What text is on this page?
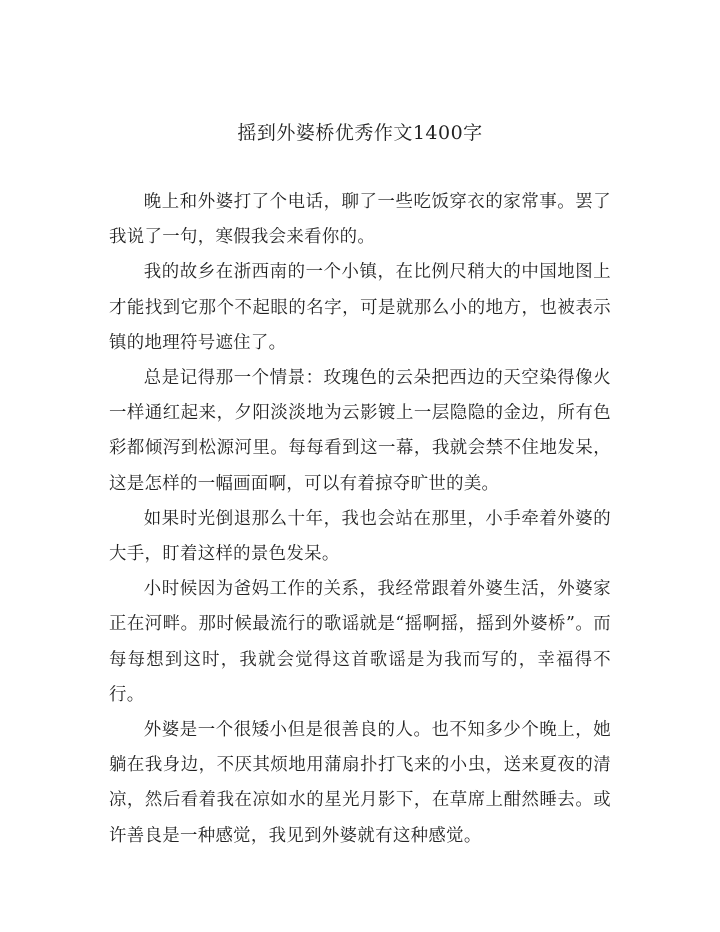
摇到外婆桥优秀作文1400字

晚上和外婆打了个电话，聊了一些吃饭穿衣的家常事。罢了我说了一句，寒假我会来看你的。

我的故乡在浙西南的一个小镇，在比例尺稍大的中国地图上才能找到它那个不起眼的名字，可是就那么小的地方，也被表示镇的地理符号遮住了。

总是记得那一个情景：玫瑰色的云朵把西边的天空染得像火一样通红起来，夕阳淡淡地为云影镀上一层隐隐的金边，所有色彩都倾泻到松源河里。每每看到这一幕，我就会禁不住地发呆，这是怎样的一幅画面啊，可以有着掠夺旷世的美。

如果时光倒退那么十年，我也会站在那里，小手牵着外婆的大手，盯着这样的景色发呆。

小时候因为爸妈工作的关系，我经常跟着外婆生活，外婆家正在河畔。那时候最流行的歌谣就是“摇啊摇，摇到外婆桥”。而每每想到这时，我就会觉得这首歌谣是为我而写的，幸福得不行。

外婆是一个很矮小但是很善良的人。也不知多少个晚上，她躺在我身边，不厌其烦地用蒲扇扑打飞来的小虫，送来夏夜的清凉，然后看着我在凉如水的星光月影下，在草席上酣然睡去。或许善良是一种感觉，我见到外婆就有这种感觉。
